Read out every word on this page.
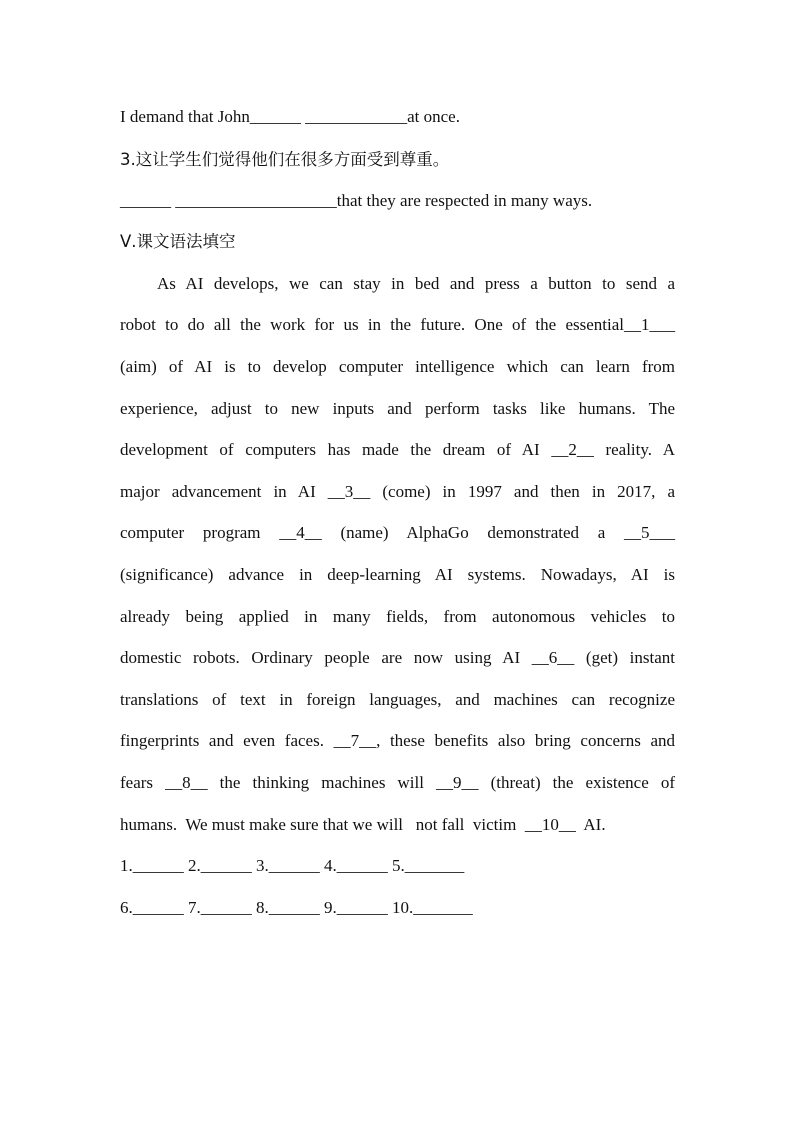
I demand that John______ ____________at once.
3.这让学生们觉得他们在很多方面受到尊重。
______ ___________________that they are respected in many ways.
Ⅴ.课文语法填空
As AI develops, we can stay in bed and press a button to send a
robot to do all the work for us in the future. One of the essential__1___
(aim) of AI is to develop computer intelligence which can learn from
experience, adjust to new inputs and perform tasks like humans. The
development of computers has made the dream of AI __2__ reality. A
major advancement in AI __3__ (come) in 1997 and then in 2017, a
computer program __4__ (name) AlphaGo demonstrated a __5___
(significance) advance in deep-learning AI systems. Nowadays, AI is
already being applied in many fields, from autonomous vehicles to
domestic robots. Ordinary people are now using AI __6__ (get) instant
translations of text in foreign languages, and machines can recognize
fingerprints and even faces. __7__, these benefits also bring concerns and
fears __8__ the thinking machines will __9__ (threat) the existence of
humans.  We must make sure that we will   not fall  victim  __10__  AI.
1.______ 2.______ 3.______ 4.______ 5._______
6.______ 7.______ 8.______ 9.______ 10._______
